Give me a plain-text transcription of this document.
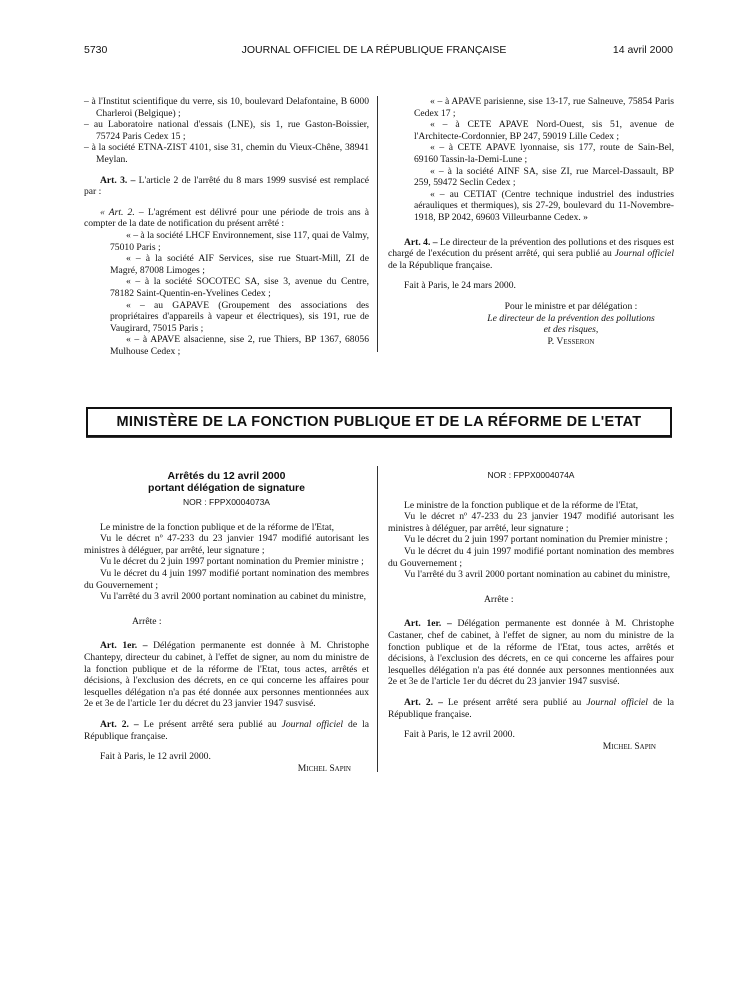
5730	JOURNAL OFFICIEL DE LA RÉPUBLIQUE FRANÇAISE	14 avril 2000

– à l'Institut scientifique du verre, sis 10, boulevard Delafontaine, B 6000 Charleroi (Belgique) ;

– au Laboratoire national d'essais (LNE), sis 1, rue Gaston-Boissier, 75724 Paris Cedex 15 ;

– à la société ETNA-ZIST 4101, sise 31, chemin du Vieux-Chêne, 38941 Meylan.

Art. 3. – L'article 2 de l'arrêté du 8 mars 1999 susvisé est remplacé par :

« Art. 2. – L'agrément est délivré pour une période de trois ans à compter de la date de notification du présent arrêté :

« – à la société LHCF Environnement, sise 117, quai de Valmy, 75010 Paris ;

« – à la société AIF Services, sise rue Stuart-Mill, ZI de Magré, 87008 Limoges ;

« – à la société SOCOTEC SA, sise 3, avenue du Centre, 78182 Saint-Quentin-en-Yvelines Cedex ;

« – au GAPAVE (Groupement des associations des propriétaires d'appareils à vapeur et électriques), sis 191, rue de Vaugirard, 75015 Paris ;

« – à APAVE alsacienne, sise 2, rue Thiers, BP 1367, 68056 Mulhouse Cedex ;

« – à APAVE parisienne, sise 13-17, rue Salneuve, 75854 Paris Cedex 17 ;

« – à CETE APAVE Nord-Ouest, sis 51, avenue de l'Architecte-Cordonnier, BP 247, 59019 Lille Cedex ;

« – à CETE APAVE lyonnaise, sis 177, route de Sain-Bel, 69160 Tassin-la-Demi-Lune ;

« – à la société AINF SA, sise ZI, rue Marcel-Dassault, BP 259, 59472 Seclin Cedex ;

« – au CETIAT (Centre technique industriel des industries aérauliques et thermiques), sis 27-29, boulevard du 11-Novembre-1918, BP 2042, 69603 Villeurbanne Cedex. »

Art. 4. – Le directeur de la prévention des pollutions et des risques est chargé de l'exécution du présent arrêté, qui sera publié au Journal officiel de la République française.

Fait à Paris, le 24 mars 2000.

Pour le ministre et par délégation :

Le directeur de la prévention des pollutions

et des risques,

P. Vesseron

MINISTÈRE DE LA FONCTION PUBLIQUE ET DE LA RÉFORME DE L'ETAT

Arrêtés du 12 avril 2000

portant délégation de signature

NOR : FPPX0004073A

Le ministre de la fonction publique et de la réforme de l'Etat,

Vu le décret nº 47-233 du 23 janvier 1947 modifié autorisant les ministres à déléguer, par arrêté, leur signature ;

Vu le décret du 2 juin 1997 portant nomination du Premier ministre ;

Vu le décret du 4 juin 1997 modifié portant nomination des membres du Gouvernement ;

Vu l'arrêté du 3 avril 2000 portant nomination au cabinet du ministre,

Arrête :

Art. 1er. – Délégation permanente est donnée à M. Christophe Chantepy, directeur du cabinet, à l'effet de signer, au nom du ministre de la fonction publique et de la réforme de l'Etat, tous actes, arrêtés et décisions, à l'exclusion des décrets, en ce qui concerne les affaires pour lesquelles délégation n'a pas été donnée aux personnes mentionnées aux 2e et 3e de l'article 1er du décret du 23 janvier 1947 susvisé.

Art. 2. – Le présent arrêté sera publié au Journal officiel de la République française.

Fait à Paris, le 12 avril 2000.

Michel Sapin

NOR : FPPX0004074A

Le ministre de la fonction publique et de la réforme de l'Etat,

Vu le décret nº 47-233 du 23 janvier 1947 modifié autorisant les ministres à déléguer, par arrêté, leur signature ;

Vu le décret du 2 juin 1997 portant nomination du Premier ministre ;

Vu le décret du 4 juin 1997 modifié portant nomination des membres du Gouvernement ;

Vu l'arrêté du 3 avril 2000 portant nomination au cabinet du ministre,

Arrête :

Art. 1er. – Délégation permanente est donnée à M. Christophe Castaner, chef de cabinet, à l'effet de signer, au nom du ministre de la fonction publique et de la réforme de l'Etat, tous actes, arrêtés et décisions, à l'exclusion des décrets, en ce qui concerne les affaires pour lesquelles délégation n'a pas été donnée aux personnes mentionnées aux 2e et 3e de l'article 1er du décret du 23 janvier 1947 susvisé.

Art. 2. – Le présent arrêté sera publié au Journal officiel de la République française.

Fait à Paris, le 12 avril 2000.

Michel Sapin
